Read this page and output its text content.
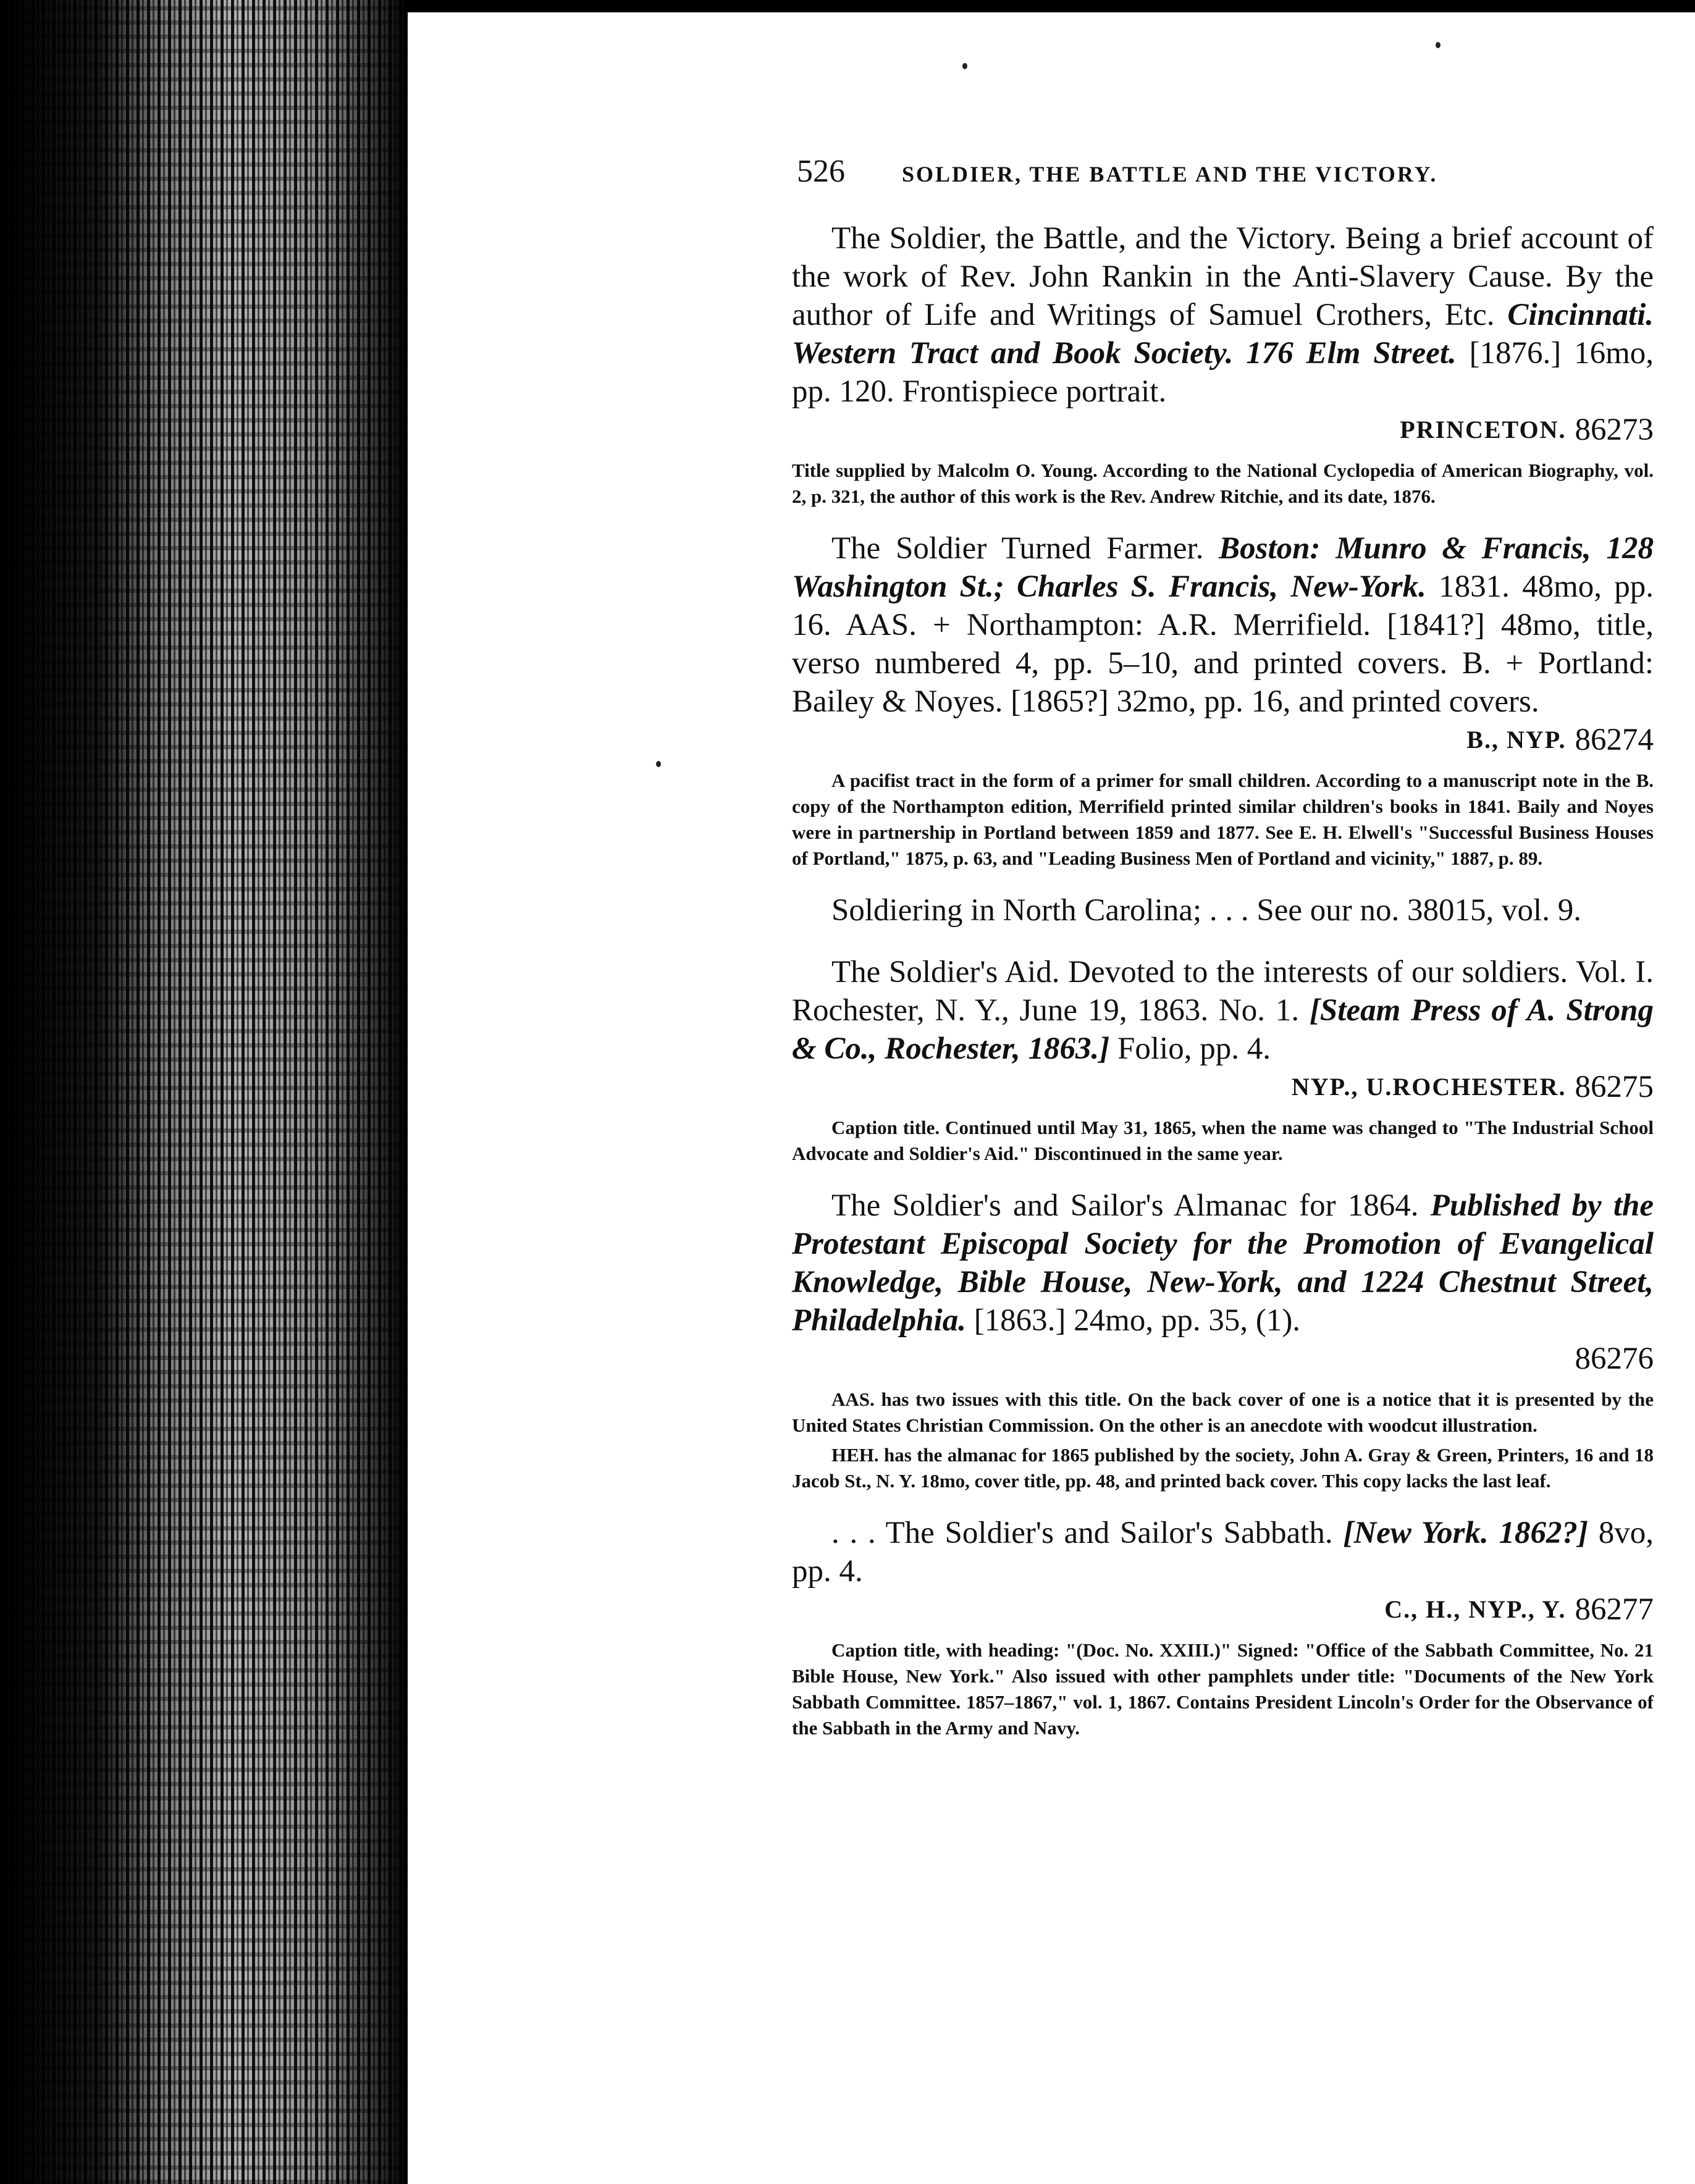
526	SOLDIER, THE BATTLE AND THE VICTORY.
The Soldier, the Battle, and the Victory. Being a brief account of the work of Rev. John Rankin in the Anti-Slavery Cause. By the author of Life and Writings of Samuel Crothers, Etc. Cincinnati. Western Tract and Book Society. 176 Elm Street. [1876.] 16mo, pp. 120. Frontispiece portrait.
PRINCETON. 86273
Title supplied by Malcolm O. Young. According to the National Cyclopedia of American Biography, vol. 2, p. 321, the author of this work is the Rev. Andrew Ritchie, and its date, 1876.
The Soldier Turned Farmer. Boston: Munro & Francis, 128 Washington St.; Charles S. Francis, New-York. 1831. 48mo, pp. 16. AAS. + Northampton: A.R. Merrifield. [1841?] 48mo, title, verso numbered 4, pp. 5–10, and printed covers. B. + Portland: Bailey & Noyes. [1865?] 32mo, pp. 16, and printed covers.
B., NYP. 86274
A pacifist tract in the form of a primer for small children. According to a manuscript note in the B. copy of the Northampton edition, Merrifield printed similar children's books in 1841. Baily and Noyes were in partnership in Portland between 1859 and 1877. See E. H. Elwell's "Successful Business Houses of Portland," 1875, p. 63, and "Leading Business Men of Portland and vicinity," 1887, p. 89.
Soldiering in North Carolina; . . . See our no. 38015, vol. 9.
The Soldier's Aid. Devoted to the interests of our soldiers. Vol. I. Rochester, N. Y., June 19, 1863. No. 1. [Steam Press of A. Strong & Co., Rochester, 1863.] Folio, pp. 4.
NYP., U.ROCHESTER. 86275
Caption title. Continued until May 31, 1865, when the name was changed to "The Industrial School Advocate and Soldier's Aid." Discontinued in the same year.
The Soldier's and Sailor's Almanac for 1864. Published by the Protestant Episcopal Society for the Promotion of Evangelical Knowledge, Bible House, New-York, and 1224 Chestnut Street, Philadelphia. [1863.] 24mo, pp. 35, (1).
86276
AAS. has two issues with this title. On the back cover of one is a notice that it is presented by the United States Christian Commission. On the other is an anecdote with woodcut illustration.
HEH. has the almanac for 1865 published by the society, John A. Gray & Green, Printers, 16 and 18 Jacob St., N. Y. 18mo, cover title, pp. 48, and printed back cover. This copy lacks the last leaf.
. . . The Soldier's and Sailor's Sabbath. [New York. 1862?] 8vo, pp. 4.
C., H., NYP., Y. 86277
Caption title, with heading: "(Doc. No. XXIII.)" Signed: "Office of the Sabbath Committee, No. 21 Bible House, New York." Also issued with other pamphlets under title: "Documents of the New York Sabbath Committee. 1857–1867," vol. 1, 1867. Contains President Lincoln's Order for the Observance of the Sabbath in the Army and Navy.
